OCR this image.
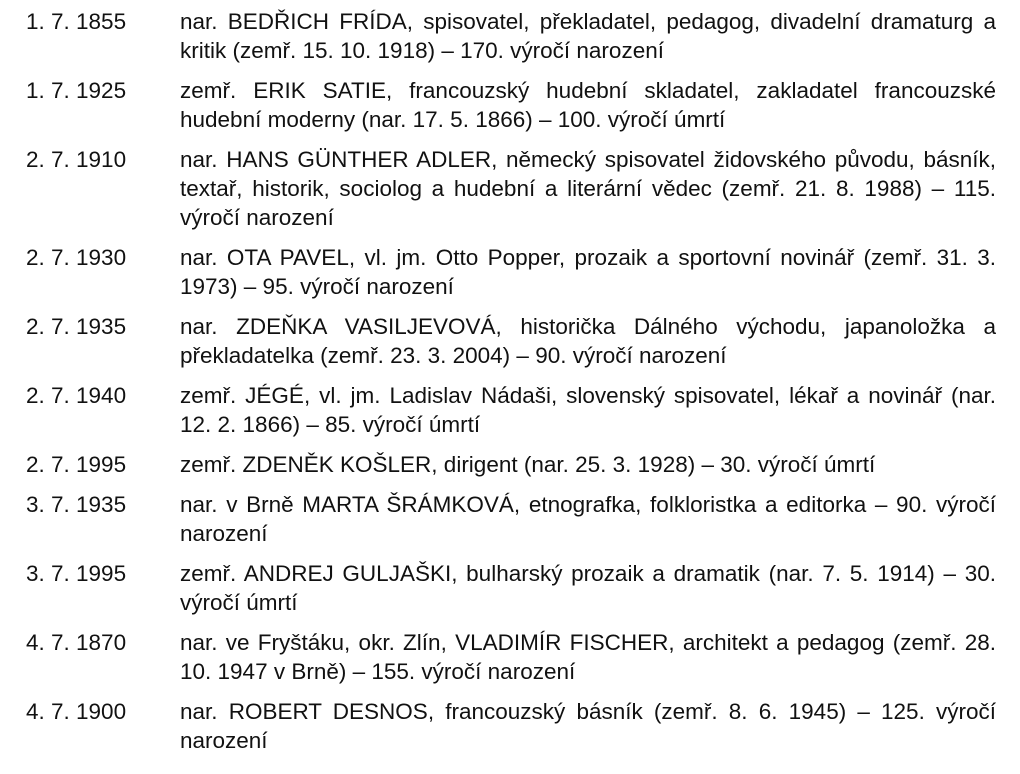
1. 7. 1855	nar. BEDŘICH FRÍDA, spisovatel, překladatel, pedagog, divadelní dramaturg a kritik (zemř. 15. 10. 1918) – 170. výročí narození
1. 7. 1925	zemř. ERIK SATIE, francouzský hudební skladatel, zakladatel francouzské hudební moderny (nar. 17. 5. 1866) – 100. výročí úmrtí
2. 7. 1910	nar. HANS GÜNTHER ADLER, německý spisovatel židovského původu, básník, textař, historik, sociolog a hudební a literární vědec (zemř. 21. 8. 1988) – 115. výročí narození
2. 7. 1930	nar. OTA PAVEL, vl. jm. Otto Popper, prozaik a sportovní novinář (zemř. 31. 3. 1973) – 95. výročí narození
2. 7. 1935	nar. ZDEŇKA VASILJEVOVÁ, historička Dálného východu, japanoložka a překladatelka (zemř. 23. 3. 2004) – 90. výročí narození
2. 7. 1940	zemř. JÉGÉ, vl. jm. Ladislav Nádaši, slovenský spisovatel, lékař a novinář (nar. 12. 2. 1866) – 85. výročí úmrtí
2. 7. 1995	zemř. ZDENĚK KOŠLER, dirigent (nar. 25. 3. 1928) – 30. výročí úmrtí
3. 7. 1935	nar. v Brně MARTA ŠRÁMKOVÁ, etnografka, folkloristka a editorka – 90. výročí narození
3. 7. 1995	zemř. ANDREJ GULJAŠKI, bulharský prozaik a dramatik (nar. 7. 5. 1914) – 30. výročí úmrtí
4. 7. 1870	nar. ve Fryštáku, okr. Zlín, VLADIMÍR FISCHER, architekt a pedagog (zemř. 28. 10. 1947 v Brně) – 155. výročí narození
4. 7. 1900	nar. ROBERT DESNOS, francouzský básník (zemř. 8. 6. 1945) – 125. výročí narození
